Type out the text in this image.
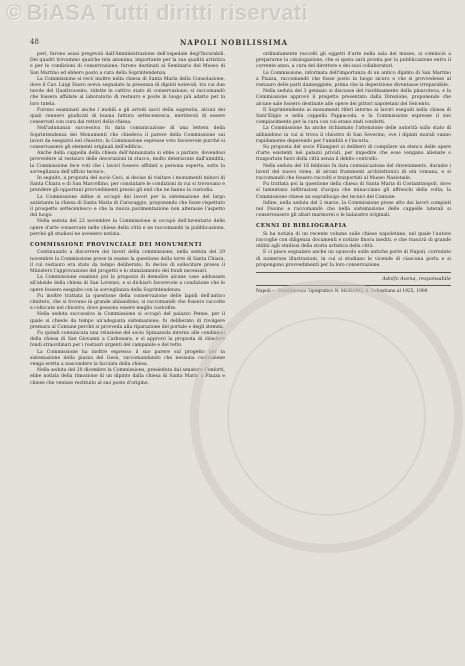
© BiASA Tutti diritti riservati
48	NAPOLI NOBILISSIMA

peri, furono assai pregevoli dall'Amministrazione dell'ospedale degl'Incurabili. Dei quadri trovammo qualche tela anonima, importante per la sua qualità artistica e per le condizioni di conservazione; furono destinati al Seminario del Museo di San Martino ed ebbero posto a cura della Soprintendenza.

La Commissione si recò inoltre nella chiesa di Santa Maria della Consolazione, dove il Cav. Luigi Fauro aveva segnalato la presenza di dipinti notevoli, tra cui due tavole del Quattrocento, ridotte in cattivo stato di conservazione; si raccomandò che fossero affidate al laboratorio di restauro e poste in luogo più adatto per la loro tutela.

Furono esaminati anche i mobili e gli arredi sacri della sagrestia, alcuni dei quali vennero giudicati di buona fattura settecentesca, meritevoli di essere conservati con cura dai rettori della chiesa.

Nell'adunanza successiva fu data comunicazione di una lettera della Soprintendenza dei Monumenti che chiedeva il parere della Commissione sui lavori da eseguirsi nel chiostro; la Commissione espresse voto favorevole purché si conservassero gli elementi originali dell'edificio.

Anche della cappella della chiesa dell'Annunziata si ebbe a parlare, dovendosi provvedere al restauro delle decorazioni in stucco, molto deteriorate dall'umidità; la Commissione fece voti che i lavori fossero affidati a persona esperta, sotto la sorveglianza dell'ufficio tecnico.

In seguito, a proposta del socio Ceci, si decise di visitare i monumenti minori di Santa Chiara e di San Marcellino, per constatare le condizioni in cui si trovavano e prendere gli opportuni provvedimenti presso gli enti che ne hanno la custodia.

La Commissione infine si occupò dei lavori per la sistemazione del largo antistante la chiesa di Santa Maria di Caravaggio, proponendo che fosse rispettato il prospetto settecentesco e che la nuova pavimentazione non alterasse l'aspetto del luogo.

Nella seduta del 22 novembre la Commissione si occupò dell'inventario delle opere d'arte conservate nelle chiese della città e ne raccomandò la pubblicazione, perché gli studiosi ne avessero notizia.

COMMISSIONE PROVINCIALE DEI MONUMENTI

Continuando a discorrere dei lavori della commissione, nella seduta del 29 novembre la Commissione prese in esame la questione della torre di Santa Chiara, il cui restauro era stato da tempo deliberato; fu deciso di sollecitare presso il Ministero l'approvazione del progetto e lo stanziamento dei fondi necessari.

La Commissione esaminò poi la proposta di demolire alcune case addossate all'abside della chiesa di San Lorenzo, e si dichiarò favorevole a condizione che le opere fossero eseguite con la sorveglianza della Soprintendenza.

Fu inoltre trattata la questione della conservazione delle lapidi dell'antico cimitero, che si trovano in grande abbandono; si raccomandò che fossero raccolte e collocate nel chiostro, dove possono essere meglio custodite.

Nella seduta successiva la Commissione si occupò del palazzo Penne, per il quale si chiede da tempo un'adeguata sistemazione; fu deliberato di rivolgere premura al Comune perché si provveda alla riparazione del portale e degli stemmi.

Fu quindi comunicata una relazione del socio Spinazzola intorno alle condizioni della chiesa di San Giovanni a Carbonara, e si approvò la proposta di chiedere fondi straordinari per i restauri urgenti del campanile e del tetto.

La Commissione ha inoltre espresso il suo parere sul progetto per la sistemazione della piazza del Gesù, raccomandando che nessuna costruzione venga eretta a nascondere la facciata della chiesa.

Nella seduta del 20 dicembre la Commissione, presieduta dal senatore Conforti, ebbe notizia della rimozione di un dipinto dalla chiesa di Santa Maria a Piazza e chiese che venisse restituito al suo posto d'origine.

ordinatamente raccolti gli oggetti d'arte nella sala del museo, si cominciò a prepararne la catalogazione, che si spera sarà pronta per la pubblicazione entro il corrente anno, a cura del direttore e dei suoi collaboratori.

La Commissione, informata dell'importanza di un antico dipinto di San Martino a Piazza, raccomandò che fosse posto in luogo sicuro e che si provvedesse al restauro delle parti danneggiate, prima che la deperizione diventasse irreparabile.

Nella seduta del 3 gennaio si discusse del riordinamento della pinacoteca, e la Commissione approvò il progetto presentato dalla Direzione, proponendo che alcune sale fossero destinate alle opere dei pittori napoletani del Seicento.

Il Soprintendente ai monumenti riferì intorno ai lavori eseguiti nella chiesa di Sant'Eligio e nella cappella Pappacoda, e la Commissione espresse il suo compiacimento per la cura con cui erano stati condotti.

La Commissione ha anche richiamato l'attenzione delle autorità sullo stato di abbandono in cui si trova il chiostro di San Severino, ove i dipinti murali vanno rapidamente deperendo per l'umidità e l'incuria.

Su proposta del socio Filangieri si deliberò di compilare un elenco delle opere d'arte esistenti nei palazzi privati, per impedire che esse vengano alienate o trasportate fuori della città senza il debito controllo.

Nella seduta del 16 febbraio fu data comunicazione del rinvenimento, durante i lavori del nuovo rione, di alcuni frammenti architettonici di età romana, e si raccomandò che fossero raccolti e trasportati al Museo Nazionale.

Fu trattata poi la questione della chiesa di Santa Maria di Costantinopoli, dove si lamentano infiltrazioni d'acqua che minacciano gli affreschi della volta; la Commissione chiese un sopralluogo dei tecnici del Comune.

Infine, nella seduta del 2 marzo, la Commissione prese atto dei lavori compiuti nel Duomo e raccomandò che nella sistemazione delle cappelle laterali si conservassero gli altari marmorei e le balaustre originali.

CENNI DI BIBLIOGRAFIA

Si ha notizia di un recente volume sulle chiese napoletane, nel quale l'autore raccoglie con diligenza documenti e notizie finora inediti, e che riuscirà di grande utilità agli studiosi della storia artistica della città.

E ci piace segnalare anche un opuscolo sulle antiche porte di Napoli, corredato di numerose illustrazioni, in cui si studiano le vicende di ciascuna porta e si propongono provvedimenti per la loro conservazione.

Adolfo Avena, responsabile
Napoli — Stabilimento Tipografico N. MORANO, S. Sebastiano al 1925, 1906
